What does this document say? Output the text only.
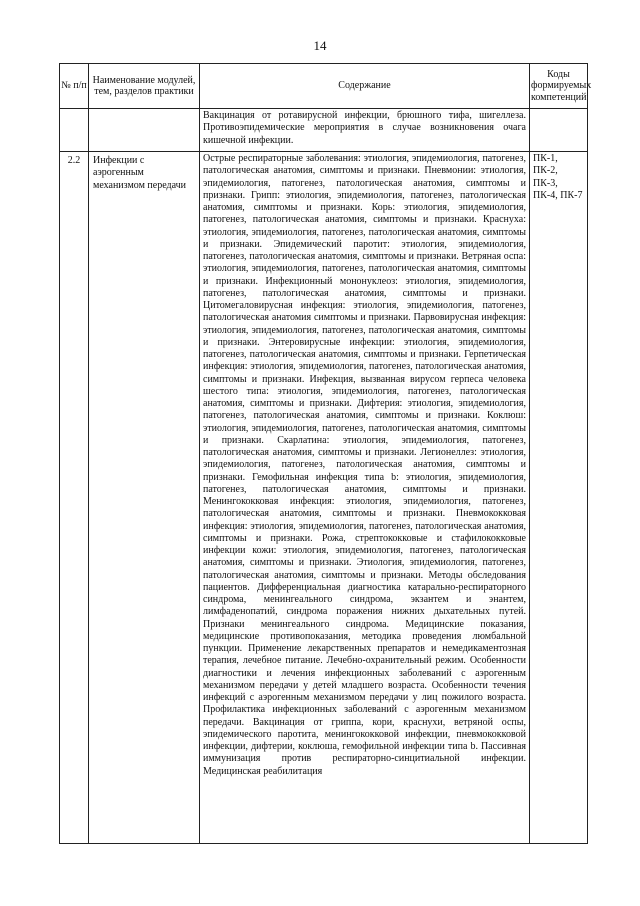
14
№ п/п	Наименование модулей, тем, разделов практики	Содержание	Коды формируемых компетенций
		Вакцинация от ротавирусной инфекции, брюшного тифа, шигеллеза. Противоэпидемические мероприятия в случае возникновения очага кишечной инфекции.	
2.2	Инфекции с аэрогенным механизмом передачи	Острые респираторные заболевания: этиология, эпидемиология, патогенез, патологическая анатомия, симптомы и признаки. Пневмонии: этиология, эпидемиология, патогенез, патологическая анатомия, симптомы и признаки. Грипп: этиология, эпидемиология, патогенез, патологическая анатомия, симптомы и признаки. Корь: этиология, эпидемиология, патогенез, патологическая анатомия, симптомы и признаки. Краснуха: этиология, эпидемиология, патогенез, патологическая анатомия, симптомы и признаки. Эпидемический паротит: этиология, эпидемиология, патогенез, патологическая анатомия, симптомы и признаки. Ветряная оспа: этиология, эпидемиология, патогенез, патологическая анатомия, симптомы и признаки. Инфекционный мононуклеоз: этиология, эпидемиология, патогенез, патологическая анатомия, симптомы и признаки. Цитомегаловирусная инфекция: этиология, эпидемиология, патогенез, патологическая анатомия симптомы и признаки. Парвовирусная инфекция: этиология, эпидемиология, патогенез, патологическая анатомия, симптомы и признаки. Энтеровирусные инфекции: этиология, эпидемиология, патогенез, патологическая анатомия, симптомы и признаки. Герпетическая инфекция: этиология, эпидемиология, патогенез, патологическая анатомия, симптомы и признаки. Инфекция, вызванная вирусом герпеса человека шестого типа: этиология, эпидемиология, патогенез, патологическая анатомия, симптомы и признаки. Дифтерия: этиология, эпидемиология, патогенез, патологическая анатомия, симптомы и признаки. Коклюш: этиология, эпидемиология, патогенез, патологическая анатомия, симптомы и признаки. Скарлатина: этиология, эпидемиология, патогенез, патологическая анатомия, симптомы и признаки. Легионеллез: этиология, эпидемиология, патогенез, патологическая анатомия, симптомы и признаки. Гемофильная инфекция типа b: этиология, эпидемиология, патогенез, патологическая анатомия, симптомы и признаки. Менингококковая инфекция: этиология, эпидемиология, патогенез, патологическая анатомия, симптомы и признаки. Пневмококковая инфекция: этиология, эпидемиология, патогенез, патологическая анатомия, симптомы и признаки. Рожа, стрептококковые и стафилококковые инфекции кожи: этиология, эпидемиология, патогенез, патологическая анатомия, симптомы и признаки. Этиология, эпидемиология, патогенез, патологическая анатомия, симптомы и признаки. Методы обследования пациентов. Дифференциальная диагностика катарально-респираторного синдрома, менингеального синдрома, экзантем и энантем, лимфаденопатий, синдрома поражения нижних дыхательных путей. Признаки менингеального синдрома. Медицинские показания, медицинские противопоказания, методика проведения люмбальной пункции. Применение лекарственных препаратов и немедикаментозная терапия, лечебное питание. Лечебно-охранительный режим. Особенности диагностики и лечения инфекционных заболеваний с аэрогенным механизмом передачи у детей младшего возраста. Особенности течения инфекций с аэрогенным механизмом передачи у лиц пожилого возраста. Профилактика инфекционных заболеваний с аэрогенным механизмом передачи. Вакцинация от гриппа, кори, краснухи, ветряной оспы, эпидемического паротита, менингококковой инфекции, пневмококковой инфекции, дифтерии, коклюша, гемофильной инфекции типа b. Пассивная иммунизация против респираторно-синцитиальной инфекции. Медицинская реабилитация	ПК-1, ПК-2, ПК-3, ПК-4, ПК-7
